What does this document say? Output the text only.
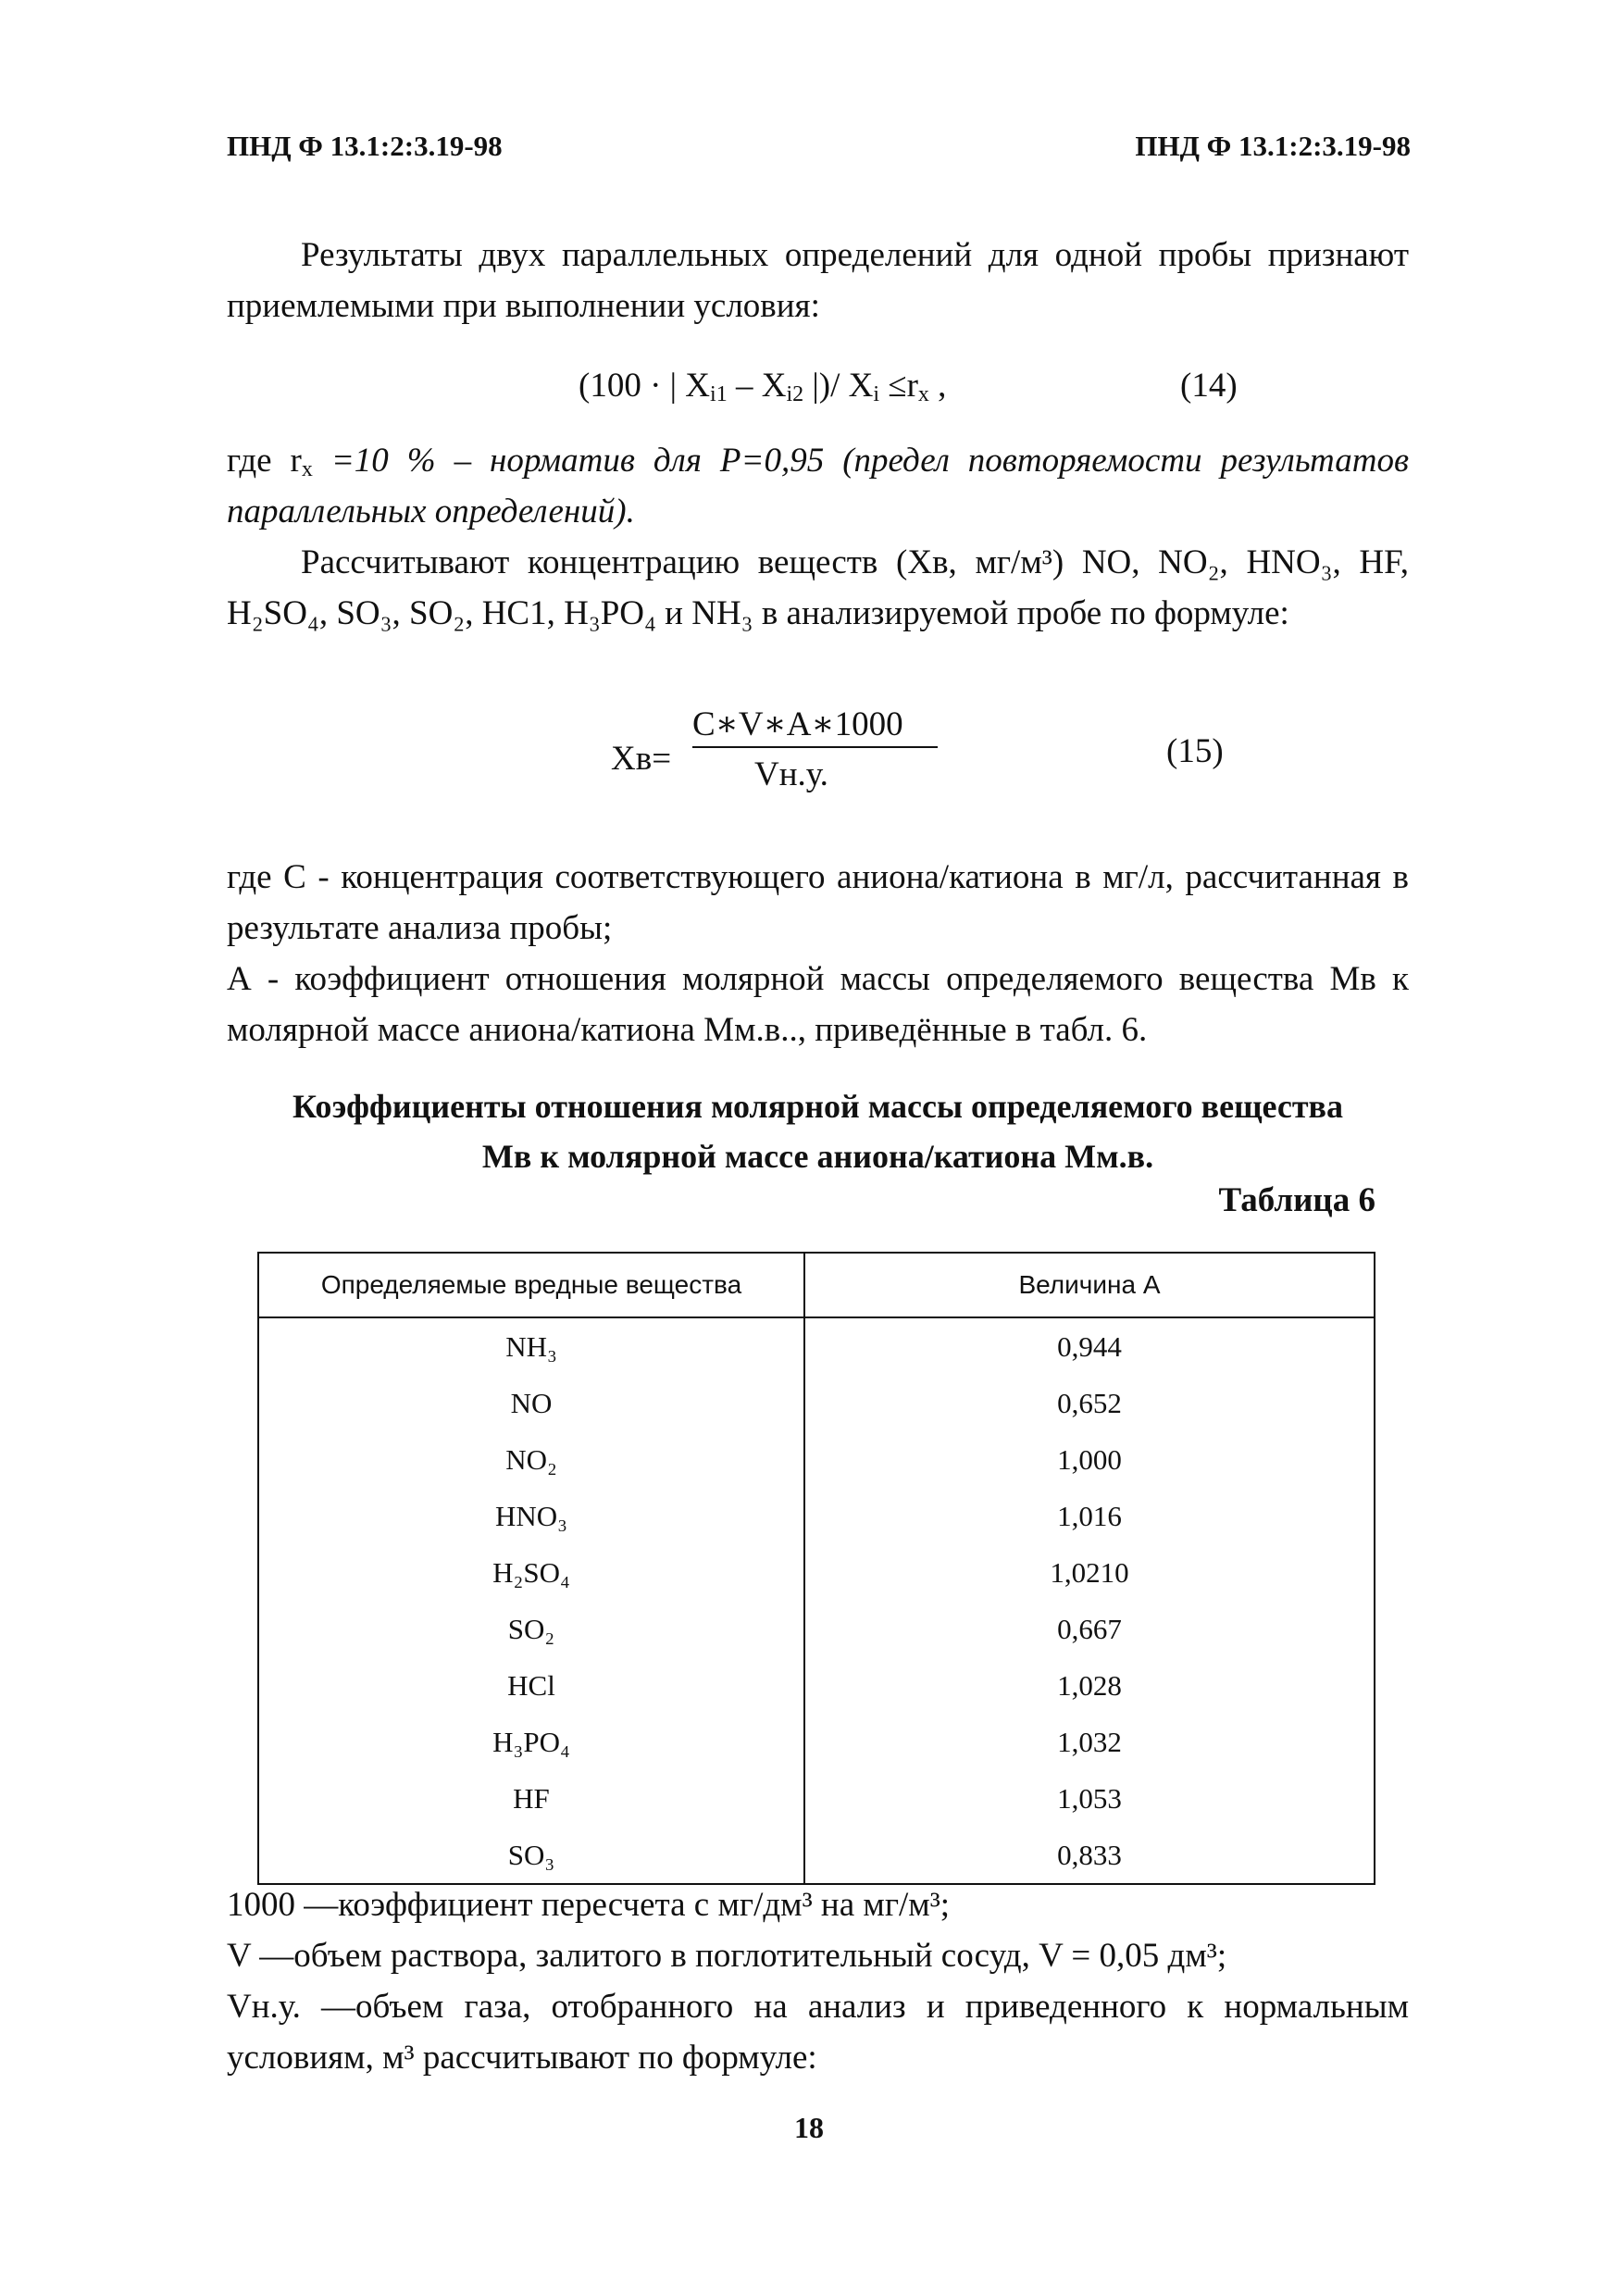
ПНД Ф 13.1:2:3.19-98	ПНД Ф 13.1:2:3.19-98
Результаты двух параллельных определений для одной пробы признают приемлемыми при выполнении условия:
(100 · | $X_{i1} - X_{i2}$ |)/ $X_i \le r_x$ ,	(14)
где $r_x =10$ % – норматив для Р=0,95 (предел повторяемости результатов параллельных определений).
Рассчитывают концентрацию веществ (Xв, мг/м³) NO, NO₂, HNO₃, HF, H₂SO₄, SO₃, SO₂, HC1, H₃PO₄ и NH₃ в анализируемой пробе по формуле:
Xв=
C∗V∗A∗1000
Vн.у.
(15)
где С - концентрация соответствующего аниона/катиона в мг/л, рассчитанная в результате анализа пробы;
А - коэффициент отношения молярной массы определяемого вещества Мв к молярной массе аниона/катиона Мм.в.., приведённые в табл. 6.
Коэффициенты отношения молярной массы определяемого вещества
Мв к молярной массе аниона/катиона Мм.в.
Таблица 6
Определяемые вредные вещества	Величина А
NH₃	0,944
NO	0,652
NO₂	1,000
HNO₃	1,016
H₂SO₄	1,0210
SO₂	0,667
HCl	1,028
H₃PO₄	1,032
HF	1,053
SO₃	0,833
1000 —коэффициент пересчета с мг/дм³ на мг/м³;
V —объем раствора, залитого в поглотительный сосуд, V = 0,05 дм³;
Vн.у. —объем газа, отобранного на анализ и приведенного к нормальным условиям, м³ рассчитывают по формуле:
18
